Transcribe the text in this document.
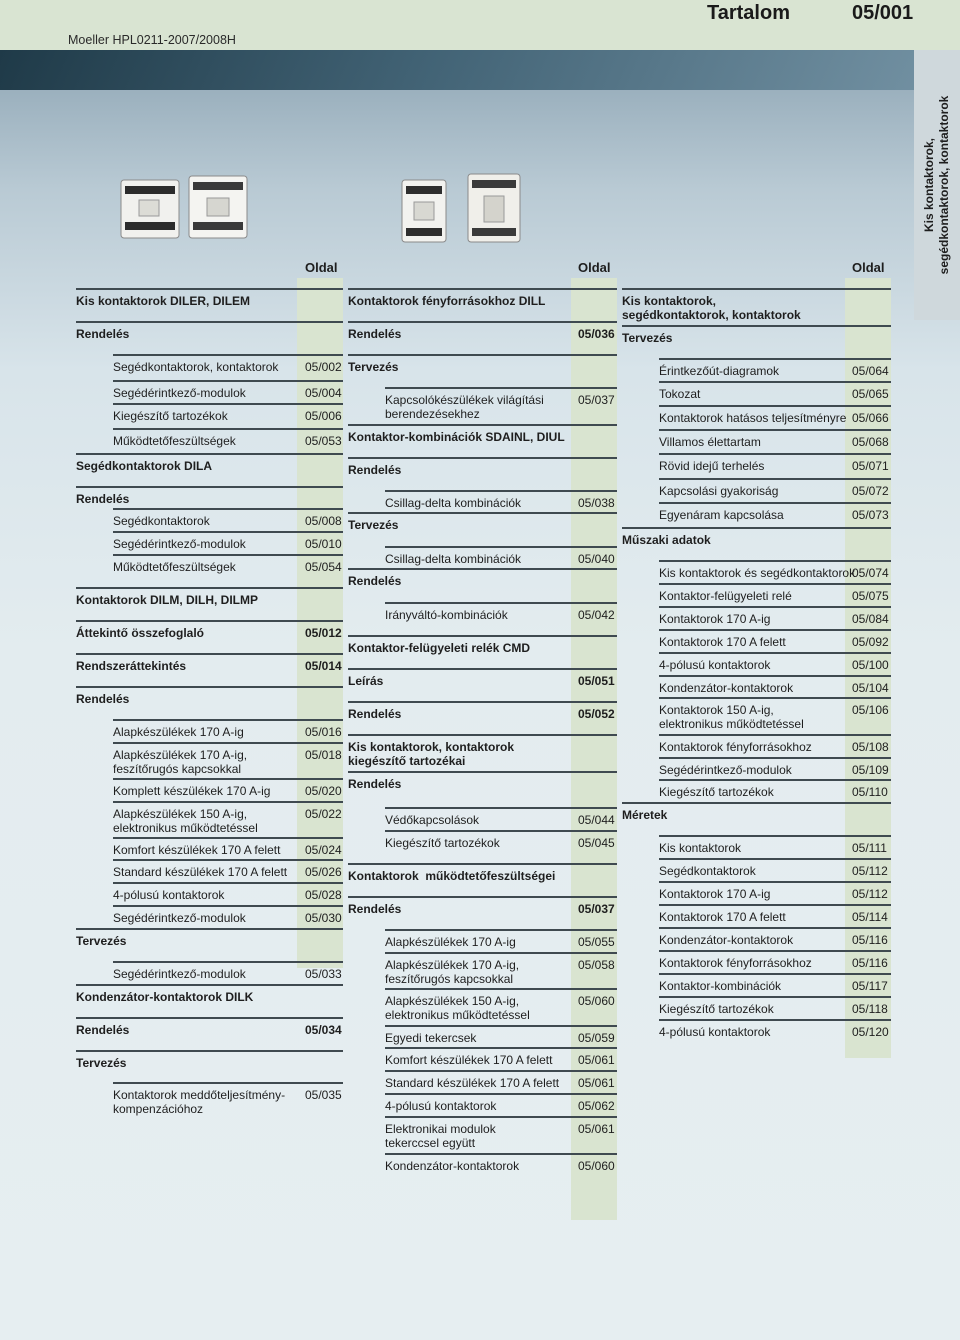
Moeller HPL0211-2007/2008H
Tartalom	05/001
Kis kontaktorok, segédkontaktorok, kontaktorok
Oldal	Oldal	Oldal
Kis kontaktorok DILER, DILEM
Rendelés
Segédkontaktorok, kontaktorok 05/002
Segédérintkező-modulok	05/004
Kiegészítő tartozékok	05/006
Működtetőfeszültségek	05/053
Segédkontaktorok DILA
Rendelés
Segédkontaktorok	05/008
Segédérintkező-modulok	05/010
Működtetőfeszültségek	05/054
Kontaktorok DILM, DILH, DILMP
Áttekintő összefoglaló	05/012
Rendszeráttekintés	05/014
Rendelés
Alapkészülékek 170 A-ig	05/016
Alapkészülékek 170 A-ig,
feszítőrugós kapcsokkal
05/018
Komplett készülékek 170 A-ig	05/020
Alapkészülékek 150 A-ig,
elektronikus működtetéssel
05/022
Komfort készülékek 170 A felett 05/024
Standard készülékek 170 A felett 05/026
4-pólusú kontaktorok	05/028
Segédérintkező-modulok	05/030
Tervezés
Segédérintkező-modulok	05/033
Kondenzátor-kontaktorok DILK
Rendelés	05/034
Tervezés
Kontaktorok meddőteljesítmény-
kompenzációhoz
05/035
Kontaktorok fényforrásokhoz DILL
Rendelés	05/036
Tervezés
Kapcsolókészülékek világítási
berendezésekhez
05/037
Kontaktor-kombinációk SDAINL, DIUL
Rendelés
Csillag-delta kombinációk	05/038
Tervezés
Csillag-delta kombinációk	05/040
Rendelés
Irányváltó-kombinációk	05/042
Kontaktor-felügyeleti relék CMD
Leírás	05/051
Rendelés	05/052
Kis kontaktorok, kontaktorok
kiegészítő tartozékai
Rendelés
Védőkapcsolások	05/044
Kiegészítő tartozékok	05/045
Kontaktorok  működtetőfeszültségei
Rendelés	05/037
Alapkészülékek 170 A-ig	05/055
Alapkészülékek 170 A-ig,
feszítőrugós kapcsokkal
05/058
Alapkészülékek 150 A-ig,
elektronikus működtetéssel
05/060
Egyedi tekercsek	05/059
Komfort készülékek 170 A felett 05/061
Standard készülékek 170 A felett 05/061
4-pólusú kontaktorok	05/062
Elektronikai modulok
tekerccsel együtt
05/061
Kondenzátor-kontaktorok	05/060
Kis kontaktorok,
segédkontaktorok, kontaktorok
Tervezés
Érintkezőút-diagramok	05/064
Tokozat	05/065
Kontaktorok hatásos teljesítményre 05/066
Villamos élettartam	05/068
Rövid idejű terhelés	05/071
Kapcsolási gyakoriság	05/072
Egyenáram kapcsolása	05/073
Műszaki adatok
Kis kontaktorok és segédkontaktorok
05/074
Kontaktor-felügyeleti relé	05/075
Kontaktorok 170 A-ig	05/084
Kontaktorok 170 A felett	05/092
4-pólusú kontaktorok	05/100
Kondenzátor-kontaktorok	05/104
Kontaktorok 150 A-ig,
elektronikus működtetéssel
05/106
Kontaktorok fényforrásokhoz	05/108
Segédérintkező-modulok	05/109
Kiegészítő tartozékok	05/110
Méretek
Kis kontaktorok	05/111
Segédkontaktorok	05/112
Kontaktorok 170 A-ig	05/112
Kontaktorok 170 A felett	05/114
Kondenzátor-kontaktorok	05/116
Kontaktorok fényforrásokhoz	05/116
Kontaktor-kombinációk	05/117
Kiegészítő tartozékok	05/118
4-pólusú kontaktorok	05/120
